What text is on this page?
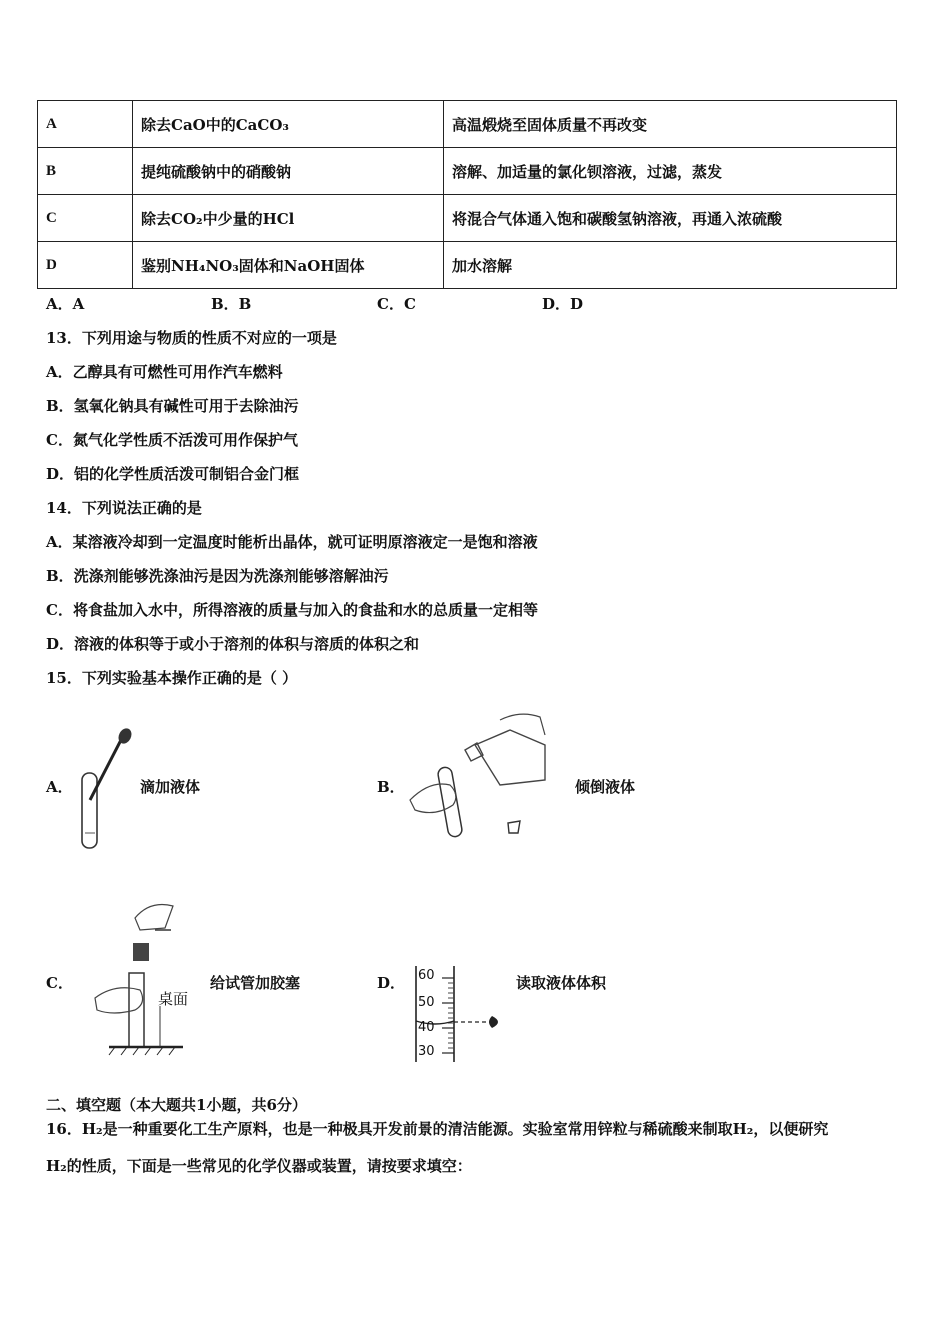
A	除去CaO中的CaCO₃	高温煅烧至固体质量不再改变
B	提纯硫酸钠中的硝酸钠	溶解、加适量的氯化钡溶液，过滤，蒸发
C	除去CO₂中少量的HCl	将混合气体通入饱和碳酸氢钠溶液，再通入浓硫酸
D	鉴别NH₄NO₃固体和NaOH固体	加水溶解
A．A	B．B	C．C	D．D
13．下列用途与物质的性质不对应的一项是
A．乙醇具有可燃性可用作汽车燃料
B．氢氧化钠具有碱性可用于去除油污
C．氮气化学性质不活泼可用作保护气
D．铝的化学性质活泼可制铝合金门框
14．下列说法正确的是
A．某溶液冷却到一定温度时能析出晶体，就可证明原溶液定一是饱和溶液
B．洗涤剂能够洗涤油污是因为洗涤剂能够溶解油污
C．将食盐加入水中，所得溶液的质量与加入的食盐和水的总质量一定相等
D．溶液的体积等于或小于溶剂的体积与溶质的体积之和
15．下列实验基本操作正确的是（ ）
A．	滴加液体	B．	倾倒液体
C．	给试管加胶塞
桌面
D．	读取液体体积
60
50
40
30
二、填空题（本大题共1小题，共6分）
16．H₂是一种重要化工生产原料，也是一种极具开发前景的清洁能源。实验室常用锌粒与稀硫酸来制取H₂，以便研究
H₂的性质，下面是一些常见的化学仪器或装置，请按要求填空：
